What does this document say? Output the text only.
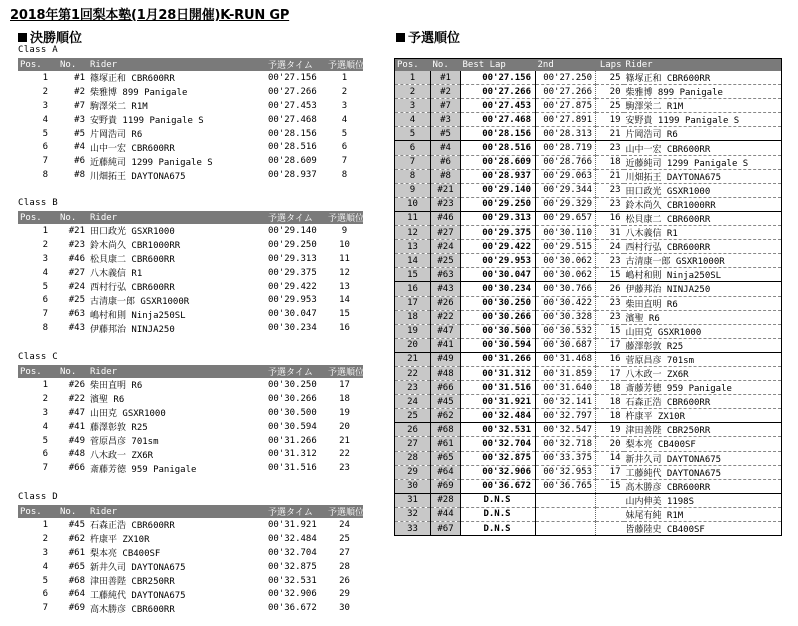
2018年第1回梨本塾(1月28日開催)K-RUN GP
決勝順位	予選順位
Class A
Pos.	No.	Rider	予選タイム	予選順位
1	#1	篠塚正和 CBR600RR	00'27.156	1
2	#2	柴雅博 899 Panigale	00'27.266	2
3	#7	駒澤栄二 R1M	00'27.453	3
4	#3	安野貴 1199 Panigale S	00'27.468	4
5	#5	片岡浩司 R6	00'28.156	5
6	#4	山中一宏 CBR600RR	00'28.516	6
7	#6	近藤純司 1299 Panigale S	00'28.609	7
8	#8	川畑拓王 DAYTONA675	00'28.937	8
Class B
Pos.	No.	Rider	予選タイム	予選順位
1	#21	田口政光 GSXR1000	00'29.140	9
2	#23	鈴木尚久 CBR1000RR	00'29.250	10
3	#46	松貝康二 CBR600RR	00'29.313	11
4	#27	八木義信 R1	00'29.375	12
5	#24	西村行弘 CBR600RR	00'29.422	13
6	#25	古清康一郎 GSXR1000R	00'29.953	14
7	#63	嶋村和則 Ninja250SL	00'30.047	15
8	#43	伊藤邦治 NINJA250	00'30.234	16
Class C
Pos.	No.	Rider	予選タイム	予選順位
1	#26	柴田直明 R6	00'30.250	17
2	#22	濱聖 R6	00'30.266	18
3	#47	山田克 GSXR1000	00'30.500	19
4	#41	藤澤彰敦 R25	00'30.594	20
5	#49	菅原昌彦 701sm	00'31.266	21
6	#48	八木政一 ZX6R	00'31.312	22
7	#66	斎藤芳徳 959 Panigale	00'31.516	23
Class D
Pos.	No.	Rider	予選タイム	予選順位
1	#45	石森正浩 CBR600RR	00'31.921	24
2	#62	杵康平 ZX10R	00'32.484	25
3	#61	梨本亮 CB400SF	00'32.704	27
4	#65	新井久司 DAYTONA675	00'32.875	28
5	#68	津田善陛 CBR250RR	00'32.531	26
6	#64	工藤純代 DAYTONA675	00'32.906	29
7	#69	高木勝彦 CBR600RR	00'36.672	30
Pos.	No.	Best Lap	2nd	Laps	Rider
1	#1	00'27.156	00'27.250	25	篠塚正和 CBR600RR
2	#2	00'27.266	00'27.266	20	柴雅博 899 Panigale
3	#7	00'27.453	00'27.875	25	駒澤栄二 R1M
4	#3	00'27.468	00'27.891	19	安野貴 1199 Panigale S
5	#5	00'28.156	00'28.313	21	片岡浩司 R6
6	#4	00'28.516	00'28.719	23	山中一宏 CBR600RR
7	#6	00'28.609	00'28.766	18	近藤純司 1299 Panigale S
8	#8	00'28.937	00'29.063	21	川畑拓王 DAYTONA675
9	#21	00'29.140	00'29.344	23	田口政光 GSXR1000
10	#23	00'29.250	00'29.329	23	鈴木尚久 CBR1000RR
11	#46	00'29.313	00'29.657	16	松貝康二 CBR600RR
12	#27	00'29.375	00'30.110	31	八木義信 R1
13	#24	00'29.422	00'29.515	24	西村行弘 CBR600RR
14	#25	00'29.953	00'30.062	23	古清康一郎 GSXR1000R
15	#63	00'30.047	00'30.062	15	嶋村和則 Ninja250SL
16	#43	00'30.234	00'30.766	26	伊藤邦治 NINJA250
17	#26	00'30.250	00'30.422	23	柴田直明 R6
18	#22	00'30.266	00'30.328	23	濱聖 R6
19	#47	00'30.500	00'30.532	15	山田克 GSXR1000
20	#41	00'30.594	00'30.687	17	藤澤彰敦 R25
21	#49	00'31.266	00'31.468	16	菅原昌彦 701sm
22	#48	00'31.312	00'31.859	17	八木政一 ZX6R
23	#66	00'31.516	00'31.640	18	斎藤芳徳 959 Panigale
24	#45	00'31.921	00'32.141	18	石森正浩 CBR600RR
25	#62	00'32.484	00'32.797	18	杵康平 ZX10R
26	#68	00'32.531	00'32.547	19	津田善陛 CBR250RR
27	#61	00'32.704	00'32.718	20	梨本亮 CB400SF
28	#65	00'32.875	00'33.375	14	新井久司 DAYTONA675
29	#64	00'32.906	00'32.953	17	工藤純代 DAYTONA675
30	#69	00'36.672	00'36.765	15	高木勝彦 CBR600RR
31	#28	D.N.S			山内伸美 1198S
32	#44	D.N.S			妹尾有純 R1M
33	#67	D.N.S			皆藤陸史 CB400SF
